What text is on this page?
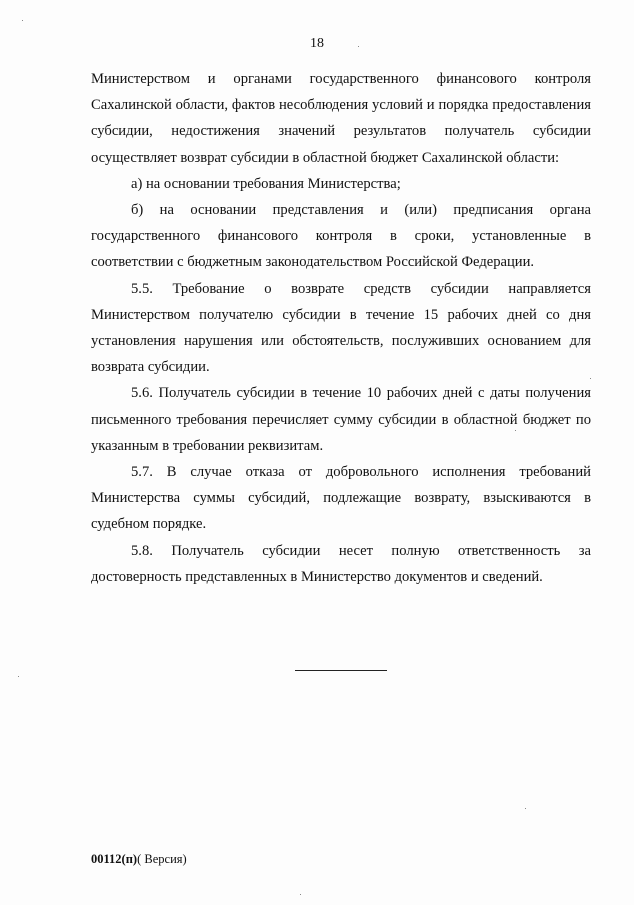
18

Министерством и органами государственного финансового контроля Сахалинской области, фактов несоблюдения условий и порядка предоставления субсидии, недостижения значений результатов получатель субсидии осуществляет возврат субсидии в областной бюджет Сахалинской области:

а) на основании требования Министерства;

б) на основании представления и (или) предписания органа государственного финансового контроля в сроки, установленные в соответствии с бюджетным законодательством Российской Федерации.

5.5. Требование о возврате средств субсидии направляется Министерством получателю субсидии в течение 15 рабочих дней со дня установления нарушения или обстоятельств, послуживших основанием для возврата субсидии.

5.6. Получатель субсидии в течение 10 рабочих дней с даты получения письменного требования перечисляет сумму субсидии в областной бюджет по указанным в требовании реквизитам.

5.7. В случае отказа от добровольного исполнения требований Министерства суммы субсидий, подлежащие возврату, взыскиваются в судебном порядке.

5.8. Получатель субсидии несет полную ответственность за достоверность представленных в Министерство документов и сведений.

00112(п)( Версия)
